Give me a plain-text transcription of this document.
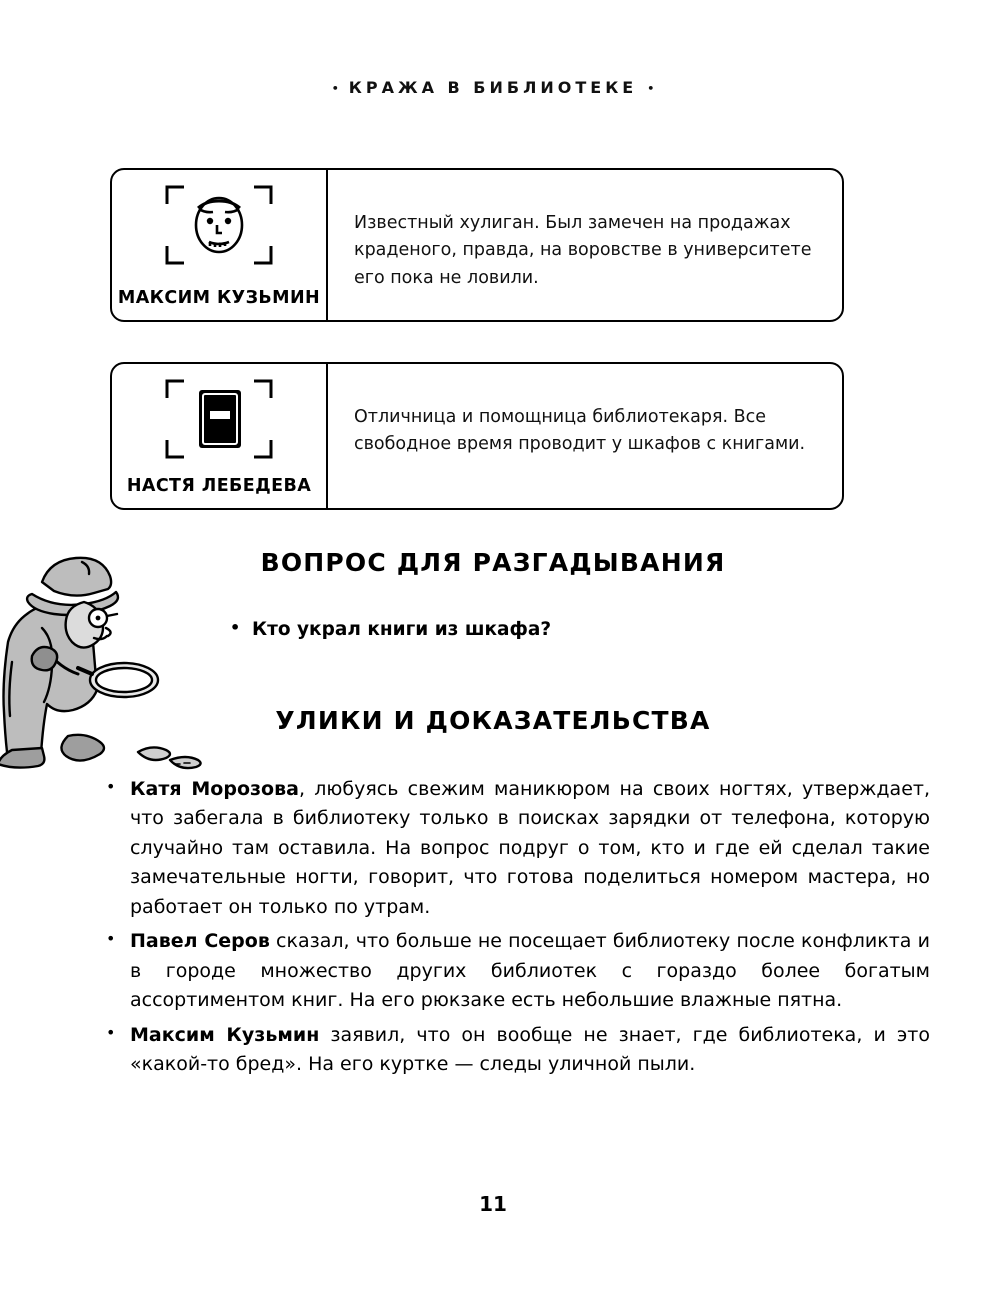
• КРАЖА В БИБЛИОТЕКЕ •
МАКСИМ КУЗЬМИН

Известный хулиган. Был замечен на продажах краденого, правда, на воровстве в университете его пока не ловили.

НАСТЯ ЛЕБЕДЕВА

Отличница и помощница библиотекаря. Все свободное время проводит у шкафов с книгами.

ВОПРОС ДЛЯ РАЗГАДЫВАНИЯ
• Кто украл книги из шкафа?
УЛИКИ И ДОКАЗАТЕЛЬСТВА
• Катя Морозова, любуясь свежим маникюром на своих ногтях, утверждает, что забегала в библиотеку только в поисках зарядки от телефона, которую случайно там оставила. На вопрос подруг о том, кто и где ей сделал такие замечательные ногти, говорит, что готова поделиться номером мастера, но работает он только по утрам.
• Павел Серов сказал, что больше не посещает библиотеку после конфликта и в городе множество других библиотек с гораздо более богатым ассортиментом книг. На его рюкзаке есть небольшие влажные пятна.
• Максим Кузьмин заявил, что он вообще не знает, где библиотека, и это «какой-то бред». На его куртке — следы уличной пыли.
11
